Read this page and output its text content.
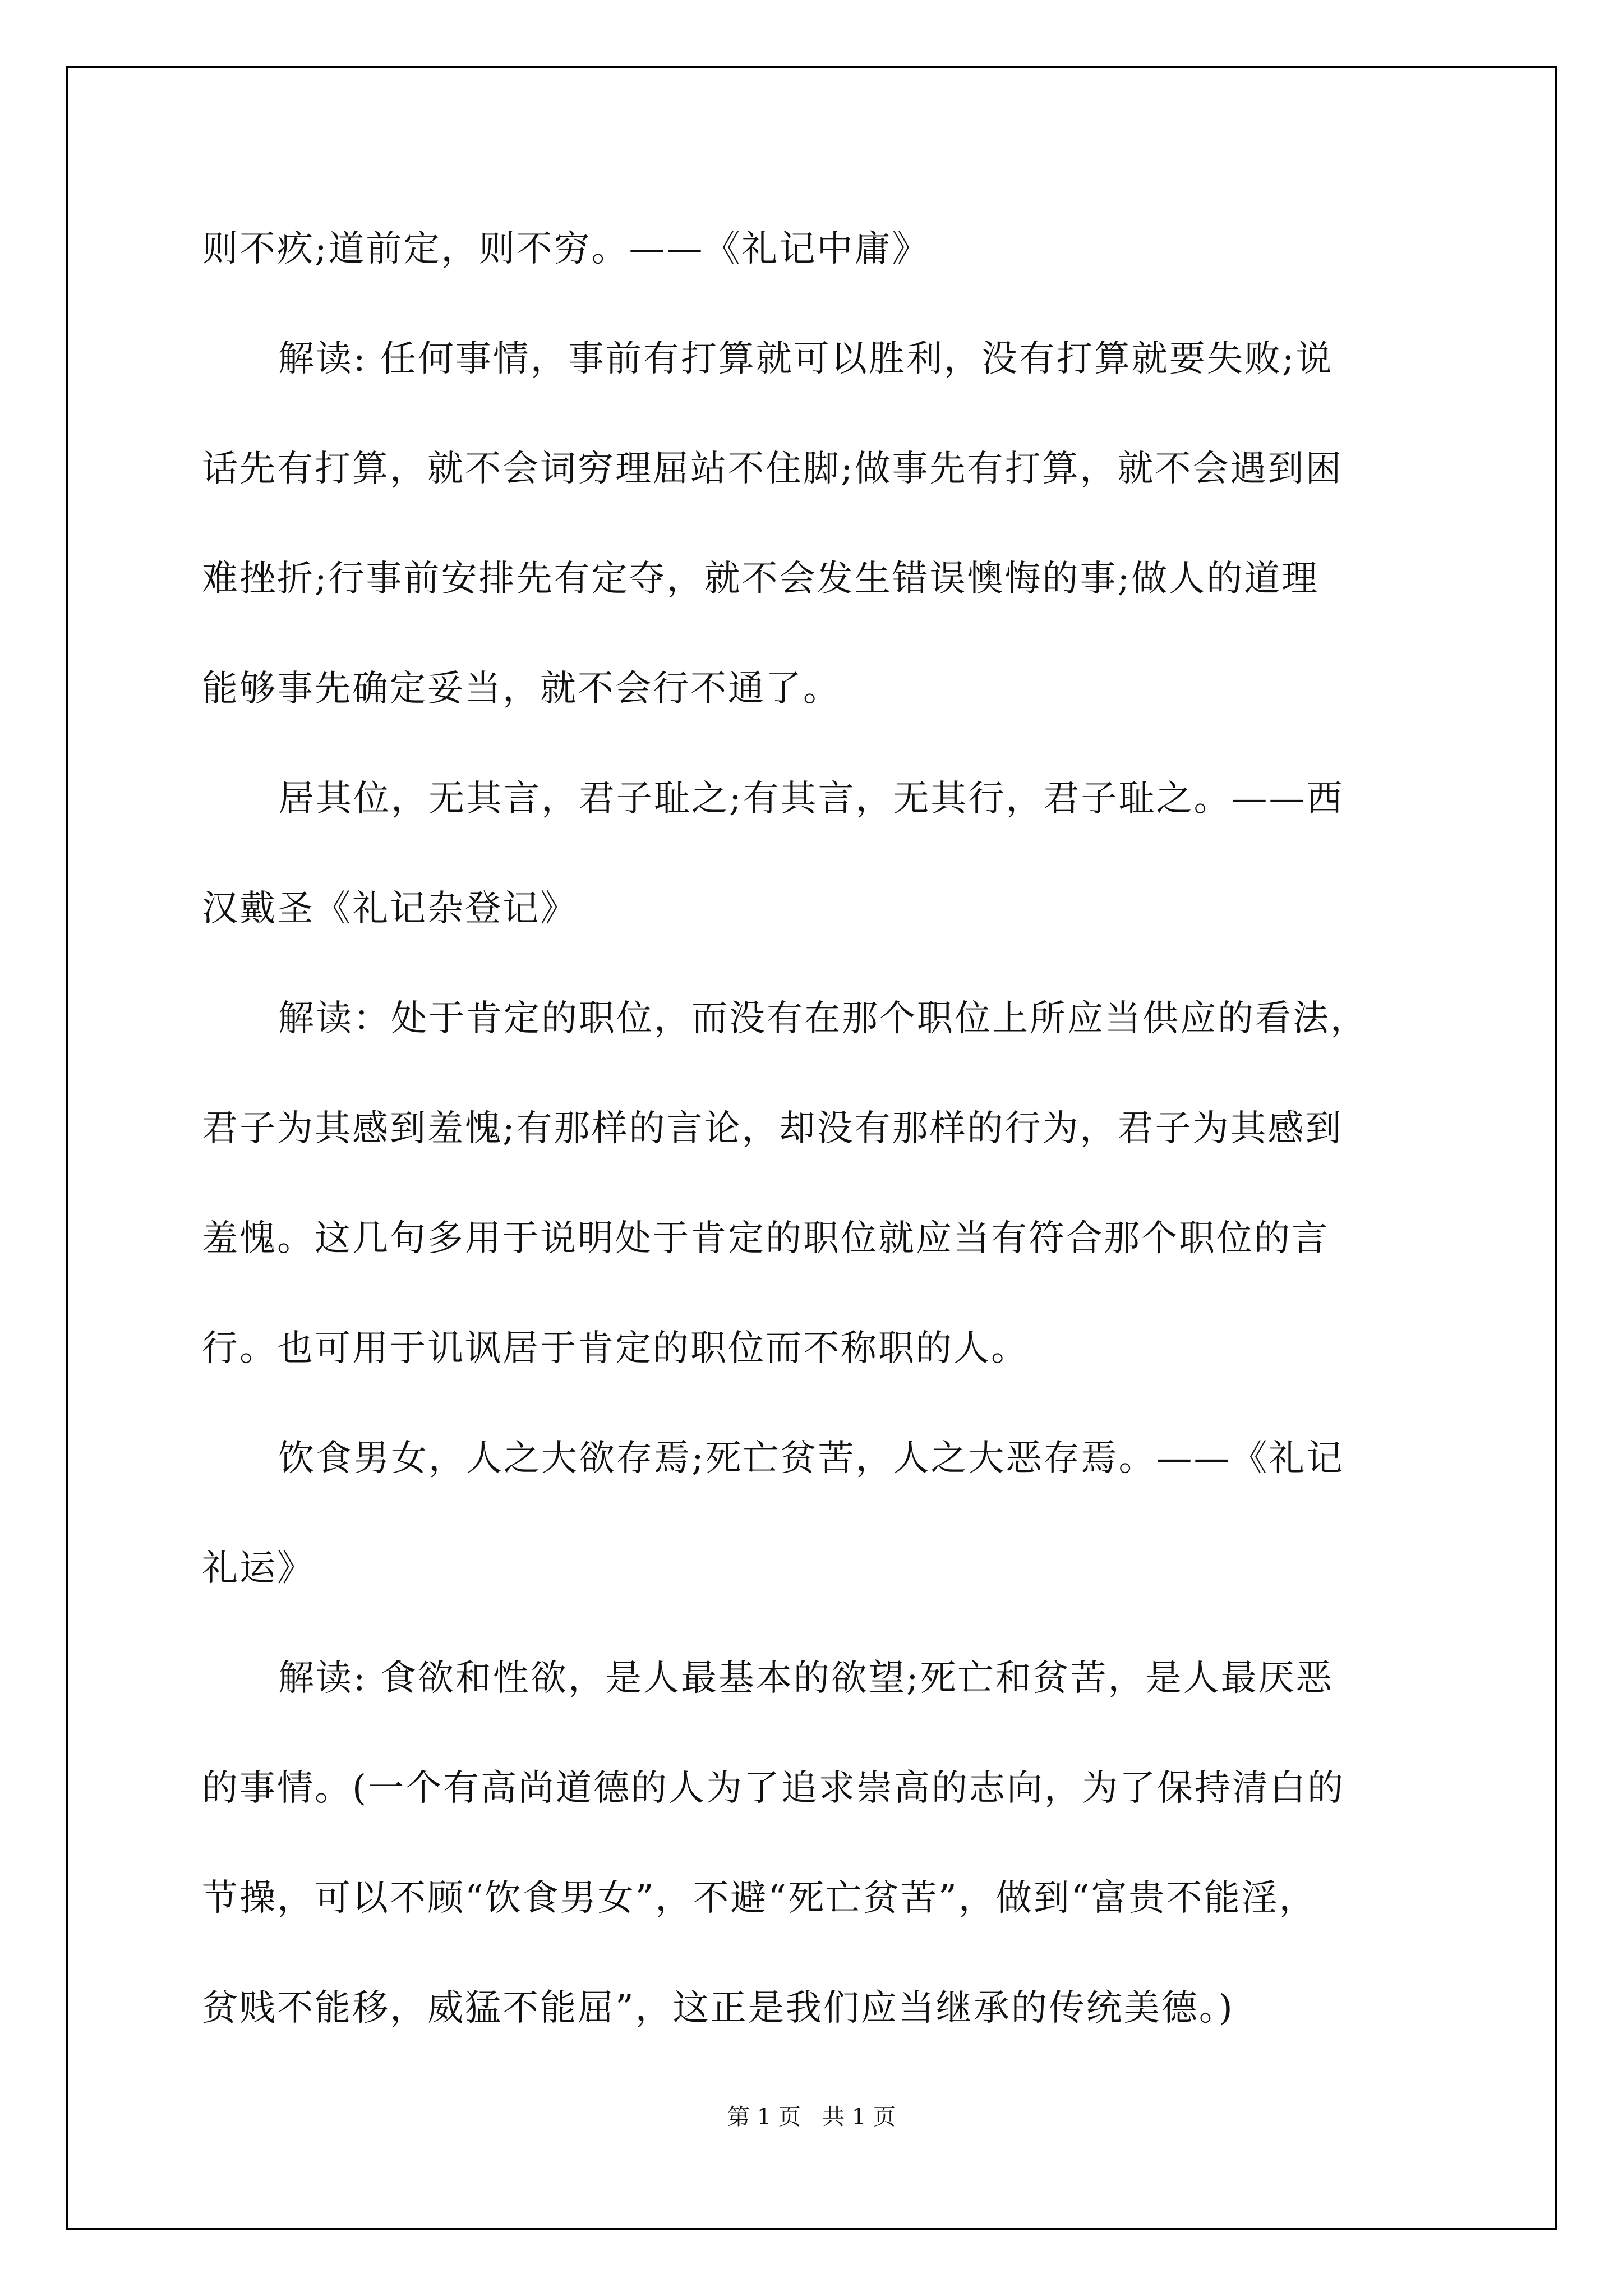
则不疚;道前定，则不穷。——《礼记中庸》
解读: 任何事情，事前有打算就可以胜利，没有打算就要失败;说
话先有打算，就不会词穷理屈站不住脚;做事先有打算，就不会遇到困
难挫折;行事前安排先有定夺，就不会发生错误懊悔的事;做人的道理
能够事先确定妥当，就不会行不通了。
居其位，无其言，君子耻之;有其言，无其行，君子耻之。——西
汉戴圣《礼记杂登记》
解读：处于肯定的职位，而没有在那个职位上所应当供应的看法，
君子为其感到羞愧;有那样的言论，却没有那样的行为，君子为其感到
羞愧。这几句多用于说明处于肯定的职位就应当有符合那个职位的言
行。也可用于讥讽居于肯定的职位而不称职的人。
饮食男女，人之大欲存焉;死亡贫苦，人之大恶存焉。——《礼记
礼运》
解读: 食欲和性欲，是人最基本的欲望;死亡和贫苦，是人最厌恶
的事情。(一个有高尚道德的人为了追求崇高的志向，为了保持清白的
节操，可以不顾“饮食男女”，不避“死亡贫苦”，做到“富贵不能淫，
贫贱不能移，威猛不能屈”，这正是我们应当继承的传统美德。)
第 1 页   共 1 页
